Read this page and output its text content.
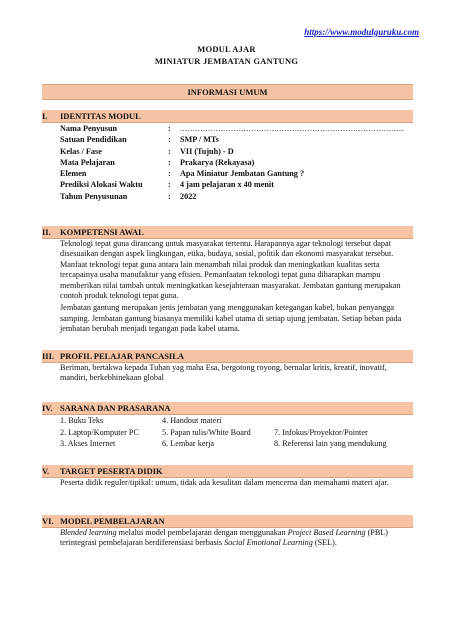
https://www.modulguruku.com
MODUL AJAR
MINIATUR JEMBATAN GANTUNG
INFORMASI UMUM
I. IDENTITAS MODUL
Nama Penyusun	:	........................................................................................
Satuan Pendidikan	:	SMP / MTs
Kelas / Fase	:	VII (Tujuh) - D
Mata Pelajaran	:	Prakarya (Rekayasa)
Elemen	:	Apa Miniatur Jembatan Gantung ?
Prediksi Alokasi Waktu	:	4 jam pelajaran x 40 menit
Tahun Penyusunan	:	2022
II. KOMPETENSI AWAL

Teknologi tepat guna dirancang untuk masyarakat tertentu. Harapannya agar teknologi tersebut dapat disesuaikan dengan aspek lingkungan, etika, budaya, sosial, politik dan ekonomi masyarakat tersebut. Manfaat teknologi tepat guna antara lain menambah nilai produk dan meningkatkan kualitas serta tercapainya usaha manufaktur yang efisien. Pemanfaatan teknologi tepat guna diharapkan mampu memberikan nilai tambah untuk meningkatkan kesejahteraan masyarakat. Jembatan gantung merupakan contoh produk teknologi tepat guna.

Jembatan gantung merupakan jenis jembatan yang menggunakan ketegangan kabel, bukan penyangga samping. Jembatan gantung biasanya memiliki kabel utama di setiap ujung jembatan. Setiap beban pada jembatan berubah menjadi tegangan pada kabel utama.

III. PROFIL PELAJAR PANCASILA

Beriman, bertakwa kepada Tuhan yag maha Esa, bergotong royong, bernalar kritis, kreatif, inovatif, mandiri, berkebhinekaan global

IV. SARANA DAN PRASARANA
1. Buku Teks	4. Handout materi	
2. Laptop/Komputer PC	5. Papan tulis/White Board	7. Infokus/Proyektor/Pointer
3. Akses Internet	6. Lembar kerja	8. Referensi lain yang mendukung
V. TARGET PESERTA DIDIK

Peserta didik reguler/tipikal: umum, tidak ada kesulitan dalam mencerna dan memahami materi ajar.

VI. MODEL PEMBELAJARAN

Blended learning melalui model pembelajaran dengan menggunakan Project Based Learning (PBL) terintegrasi pembelajaran berdiferensiasi berbasis Social Emotional Learning (SEL).
